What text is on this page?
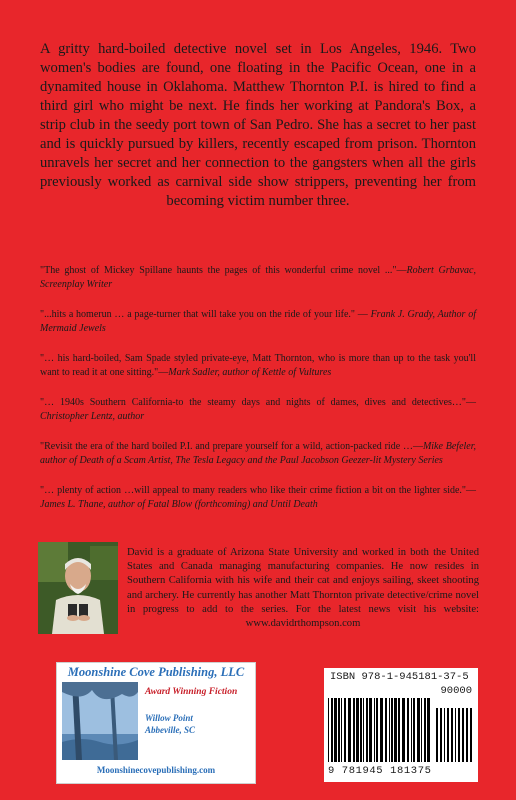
A gritty hard-boiled detective novel set in Los Angeles, 1946. Two women's bodies are found, one floating in the Pacific Ocean, one in a dynamited house in Oklahoma. Matthew Thornton P.I. is hired to find a third girl who might be next. He finds her working at Pandora's Box, a strip club in the seedy port town of San Pedro. She has a secret to her past and is quickly pursued by killers, recently escaped from prison. Thornton unravels her secret and her connection to the gangsters when all the girls previously worked as carnival side show strippers, preventing her from becoming victim number three.

"The ghost of Mickey Spillane haunts the pages of this wonderful crime novel ..."—Robert Grbavac, Screenplay Writer

"...hits a homerun … a page-turner that will take you on the ride of your life." — Frank J. Grady, Author of Mermaid Jewels

"… his hard-boiled, Sam Spade styled private-eye, Matt Thornton, who is more than up to the task you'll want to read it at one sitting."—Mark Sadler, author of Kettle of Vultures

"… 1940s Southern California-to the steamy days and nights of dames, dives and detectives…"—Christopher Lentz, author

"Revisit the era of the hard boiled P.I. and prepare yourself for a wild, action-packed ride …—Mike Befeler, author of Death of a Scam Artist, The Tesla Legacy and the Paul Jacobson Geezer-lit Mystery Series

"… plenty of action …will appeal to many readers who like their crime fiction a bit on the lighter side."— James L. Thane, author of Fatal Blow (forthcoming) and Until Death

David is a graduate of Arizona State University and worked in both the United States and Canada managing manufacturing companies. He now resides in Southern California with his wife and their cat and enjoys sailing, skeet shooting and archery. He currently has another Matt Thornton private detective/crime novel in progress to add to the series. For the latest news visit his website: www.davidrthompson.com
Moonshine Cove Publishing, LLC
Award Winning Fiction
Willow Point
Abbeville, SC
Moonshinecovepublishing.com
ISBN 978-1-945181-37-5
90000
9 781945 181375
